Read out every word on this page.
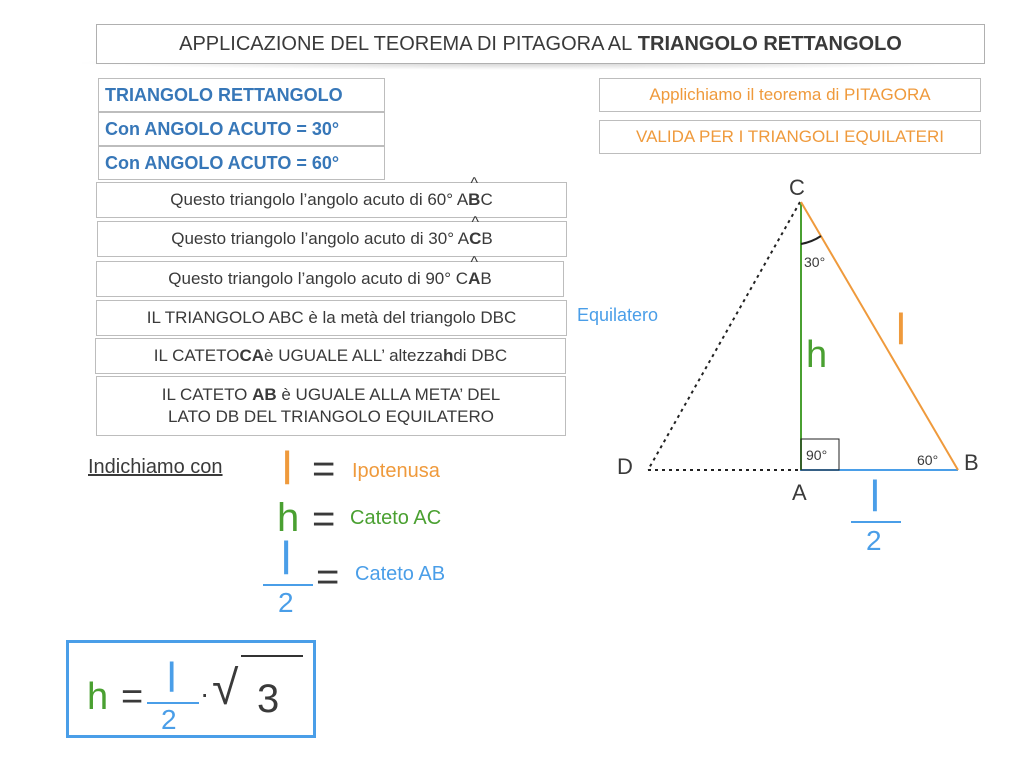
APPLICAZIONE DEL TEOREMA DI PITAGORA AL
TRIANGOLO RETTANGOLO
TRIANGOLO RETTANGOLO
Con ANGOLO ACUTO = 30°
Con ANGOLO ACUTO = 60°
Questo triangolo l’angolo acuto di 60° A
^
B C
Questo triangolo l’angolo acuto di 30° A
^
C B
Questo triangolo l’angolo acuto di 90° C
^
A B
IL TRIANGOLO ABC è la metà del triangolo DBC
IL CATETO CA è UGUALE ALL’ altezza h di DBC
IL CATETO AB è UGUALE ALLA META’ DEL
LATO DB DEL TRIANGOLO EQUILATERO
Equilatero
Applichiamo il teorema di PITAGORA
VALIDA PER I TRIANGOLI EQUILATERI
Indichiamo con l = Ipotenusa
h = Cateto AC
l
2
= Cateto AB
h = l
2
· √ 3
C
D
A
B
30°
90°	60°
l
h
l
2
